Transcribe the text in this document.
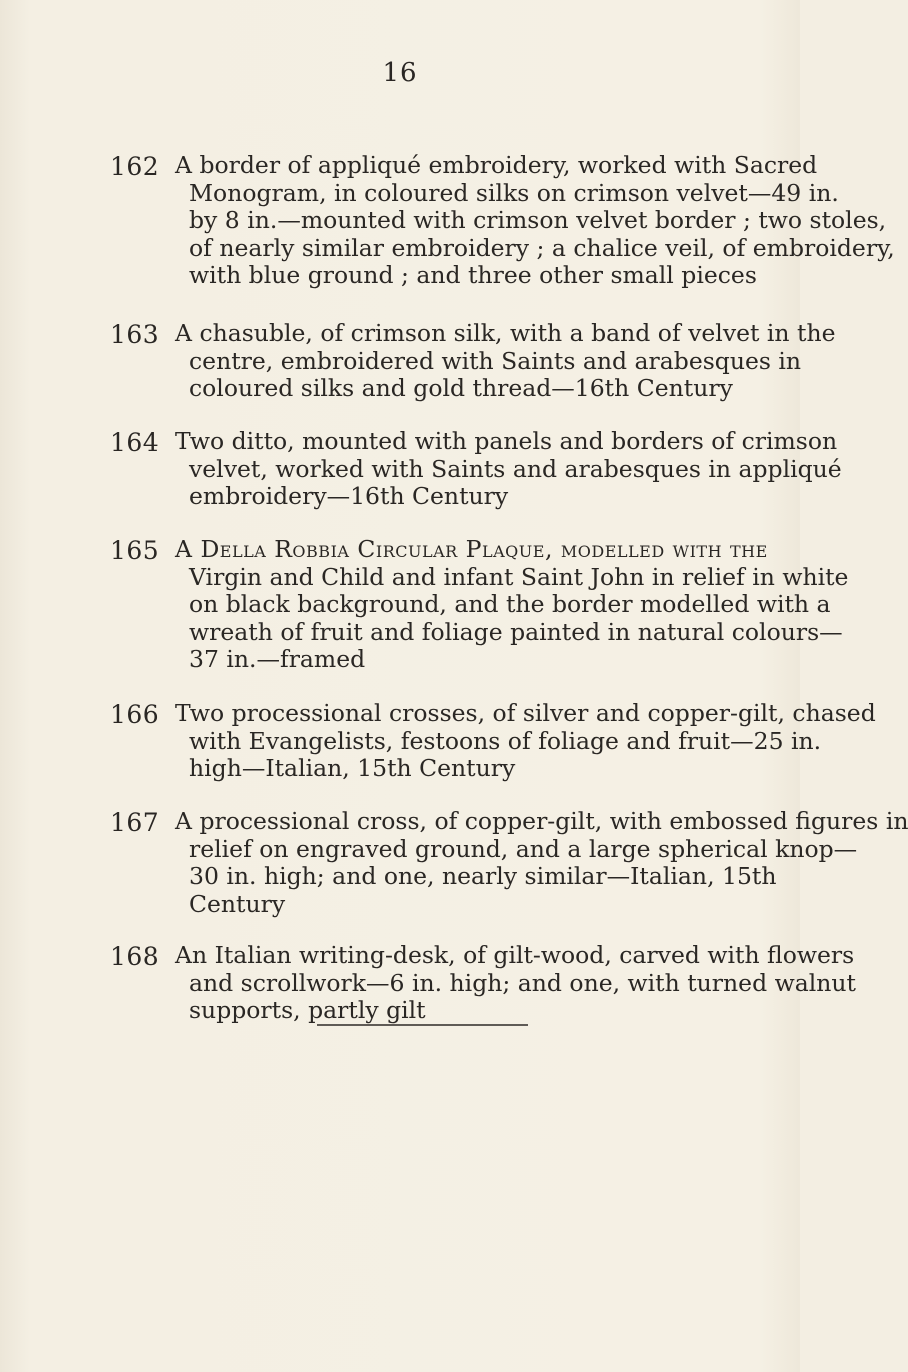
16
162 A border of appliqué embroidery, worked with Sacred
Monogram, in coloured silks on crimson velvet—49 in.
by 8 in.—mounted with crimson velvet border ; two stoles,
of nearly similar embroidery ; a chalice veil, of embroidery,
with blue ground ; and three other small pieces
163 A chasuble, of crimson silk, with a band of velvet in the
centre, embroidered with Saints and arabesques in
coloured silks and gold thread—16th Century
164 Two ditto, mounted with panels and borders of crimson
velvet, worked with Saints and arabesques in appliqué
embroidery—16th Century
165 A Della Robbia Circular Plaque, modelled with the
Virgin and Child and infant Saint John in relief in white
on black background, and the border modelled with a
wreath of fruit and foliage painted in natural colours—
37 in.—framed
166 Two processional crosses, of silver and copper-gilt, chased
with Evangelists, festoons of foliage and fruit—25 in.
high—Italian, 15th Century
167 A processional cross, of copper-gilt, with embossed figures in
relief on engraved ground, and a large spherical knop—
30 in. high; and one, nearly similar—Italian, 15th
Century
168 An Italian writing-desk, of gilt-wood, carved with flowers
and scrollwork—6 in. high; and one, with turned walnut
supports, partly gilt
